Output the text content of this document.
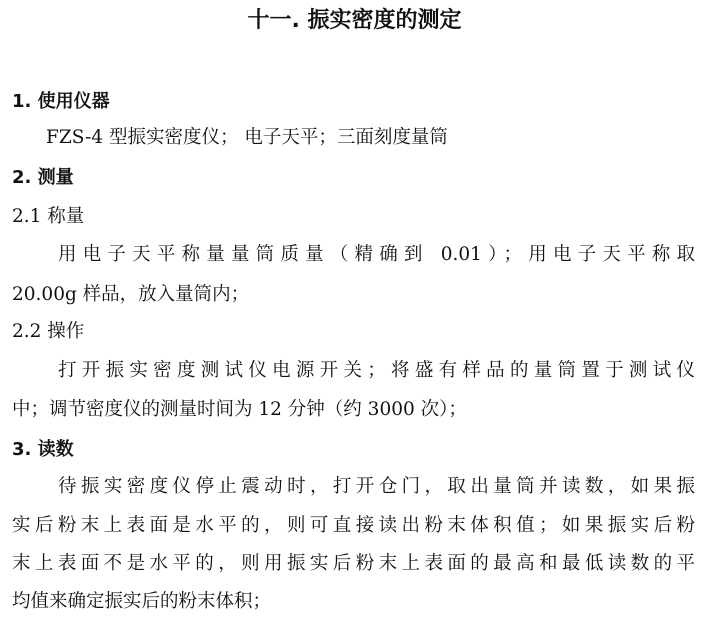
十一. 振实密度的测定
1. 使用仪器
FZS-4 型振实密度仪； 电子天平；三面刻度量筒
2. 测量
2.1 称量
用电子天平称量量筒质量（精确到 0.01）；用电子天平称取
20.00g 样品，放入量筒内；
2.2 操作
打开振实密度测试仪电源开关；将盛有样品的量筒置于测试仪
中；调节密度仪的测量时间为 12 分钟（约 3000 次）；
3. 读数
待振实密度仪停止震动时，打开仓门，取出量筒并读数，如果振
实后粉末上表面是水平的，则可直接读出粉末体积值；如果振实后粉
末上表面不是水平的，则用振实后粉末上表面的最高和最低读数的平
均值来确定振实后的粉末体积；
